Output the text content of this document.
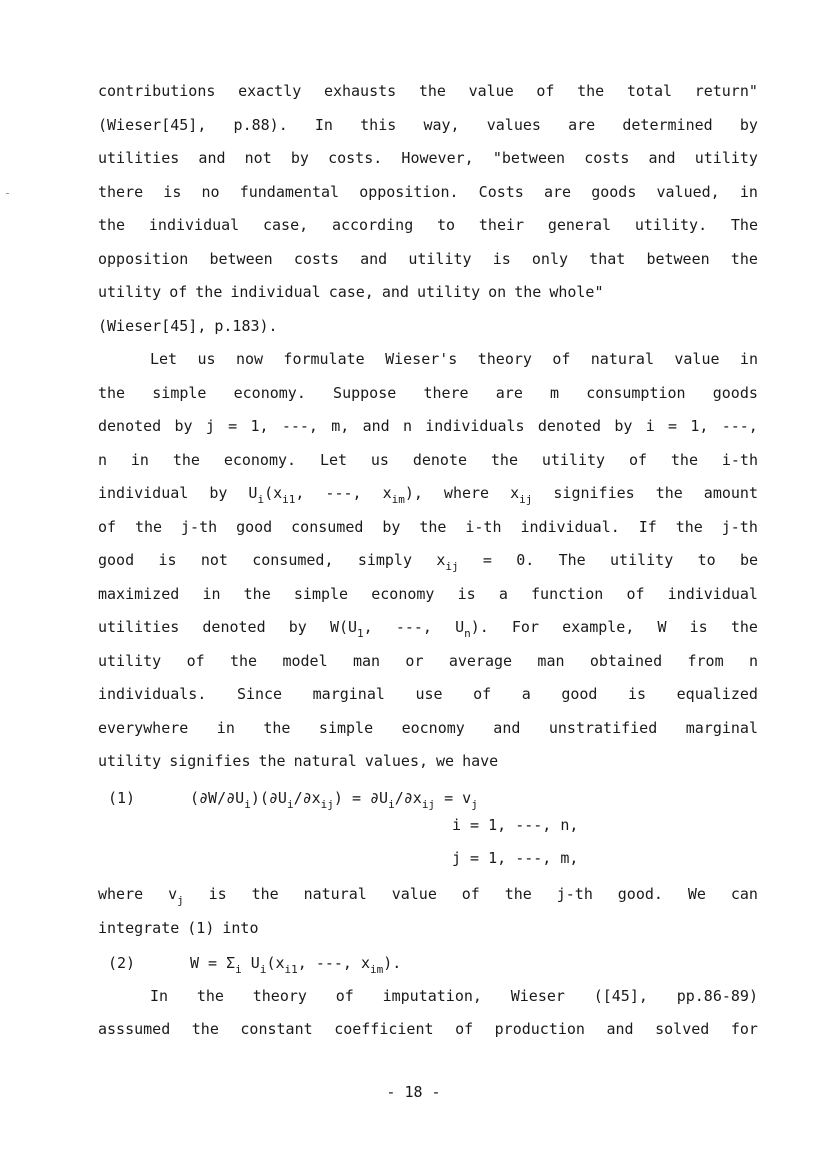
contributions exactly exhausts the value of the total return"
(Wieser[45], p.88). In this way, values are determined by
utilities and not by costs. However, "between costs and utility
there is no fundamental opposition. Costs are goods valued, in
the individual case, according to their general utility. The
opposition between costs and utility is only that between the
utility of the individual case, and utility on the whole"
(Wieser[45], p.183).
Let us now formulate Wieser's theory of natural value in
the simple economy. Suppose there are m consumption goods
denoted by j = 1, ---, m, and n individuals denoted by i = 1, ---,
n in the economy. Let us denote the utility of the i-th
individual by $U_i(x_{i1}$, ---, $x_{im}$), where $x_{ij}$ signifies the amount
of the j-th good consumed by the i-th individual. If the j-th
good is not consumed, simply $x_{ij} = 0$. The utility to be
maximized in the simple economy is a function of individual
utilities denoted by $W(U_1$, ---, $U_n$). For example, W is the
utility of the model man or average man obtained from n
individuals. Since marginal use of a good is equalized
everywhere in the simple eocnomy and unstratified marginal
utility signifies the natural values, we have
where $v_j$ is the natural value of the j-th good. We can
integrate (1) into
In the theory of imputation, Wieser ([45], pp.86-89)
asssumed the constant coefficient of production and solved for
(1)	$(\partial W/\partial U_i)(\partial U_i/\partial x_{ij}) = \partial U_i/\partial x_{ij} = v_j$
i = 1, ---, n,
j = 1, ---, m,
(2)	$W = \Sigma_i$ $U_i(x_{i1}$, ---, $x_{im}$).
- 18 -
